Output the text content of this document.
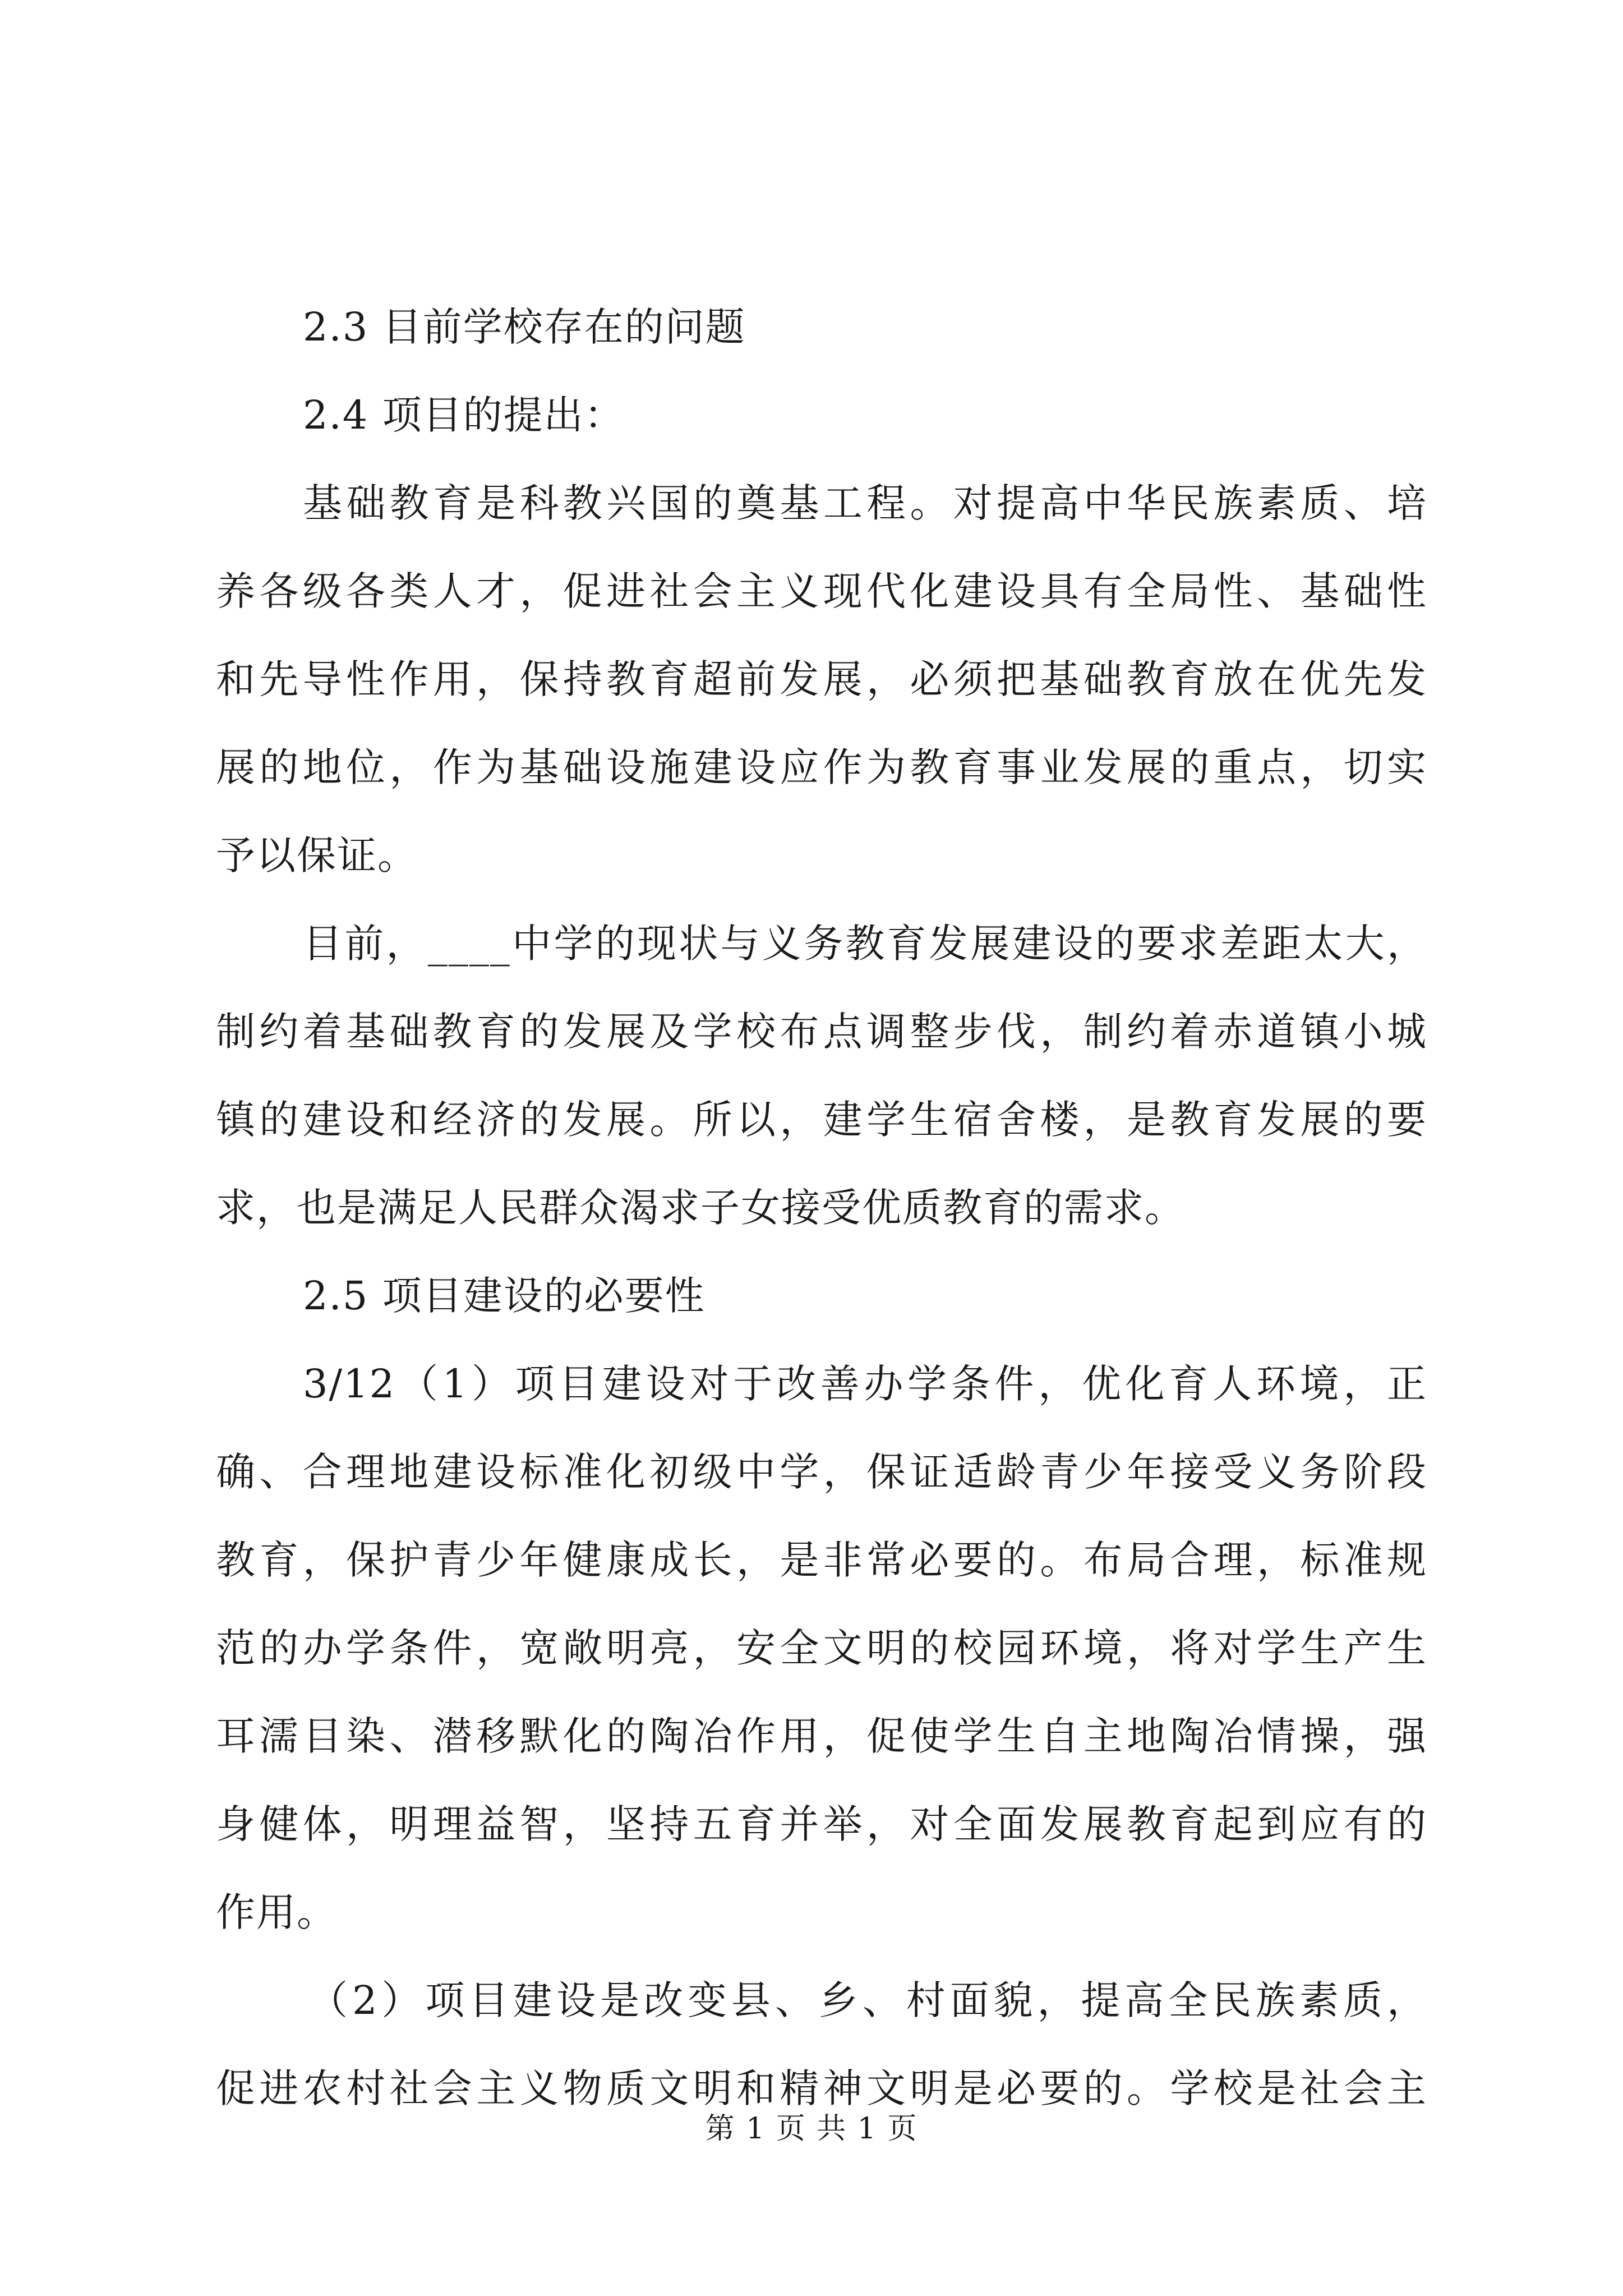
2.3 目前学校存在的问题
2.4 项目的提出：
基础教育是科教兴国的奠基工程。对提高中华民族素质、培
养各级各类人才，促进社会主义现代化建设具有全局性、基础性
和先导性作用，保持教育超前发展，必须把基础教育放在优先发
展的地位，作为基础设施建设应作为教育事业发展的重点，切实
予以保证。
目前，____中学的现状与义务教育发展建设的要求差距太大，
制约着基础教育的发展及学校布点调整步伐，制约着赤道镇小城
镇的建设和经济的发展。所以，建学生宿舍楼，是教育发展的要
求，也是满足人民群众渴求子女接受优质教育的需求。
2.5 项目建设的必要性
3/12（1）项目建设对于改善办学条件，优化育人环境，正
确、合理地建设标准化初级中学，保证适龄青少年接受义务阶段
教育，保护青少年健康成长，是非常必要的。布局合理，标准规
范的办学条件，宽敞明亮，安全文明的校园环境，将对学生产生
耳濡目染、潜移默化的陶冶作用，促使学生自主地陶冶情操，强
身健体，明理益智，坚持五育并举，对全面发展教育起到应有的
作用。
（2）项目建设是改变县、乡、村面貌，提高全民族素质，
促进农村社会主义物质文明和精神文明是必要的。学校是社会主
第 1 页 共 1 页
